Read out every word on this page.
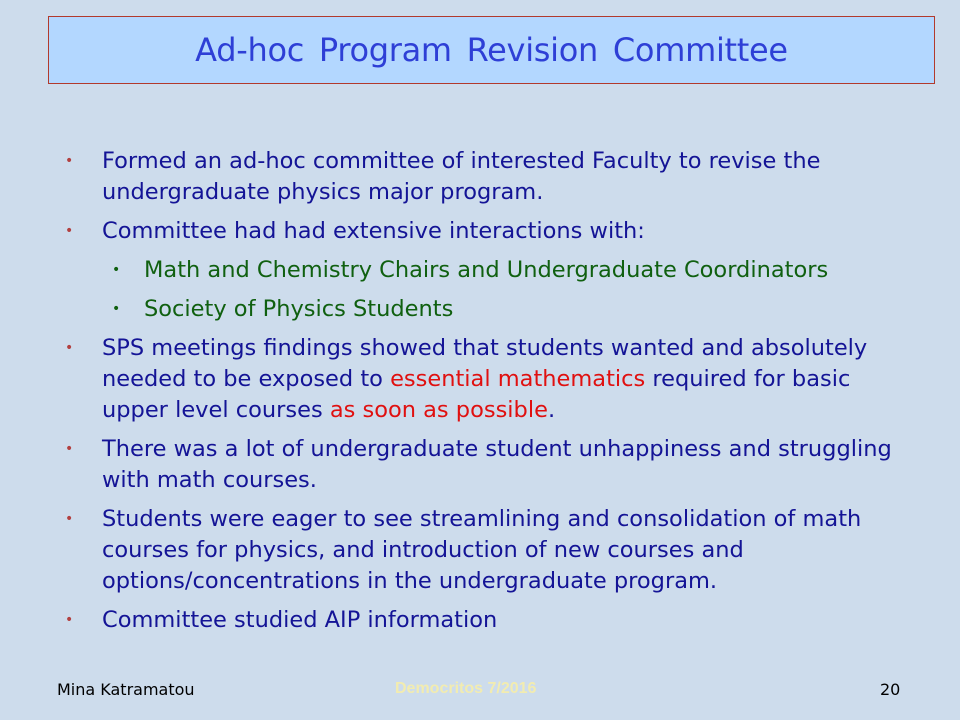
Ad-hoc Program Revision Committee
• Formed an ad-hoc committee of interested Faculty to revise the undergraduate physics major program.
• Committee had had extensive interactions with:
• Math and Chemistry Chairs and Undergraduate Coordinators
• Society of Physics Students
• SPS meetings findings showed that students wanted and absolutely needed to be exposed to essential mathematics required for basic upper level courses as soon as possible.
• There was a lot of undergraduate student unhappiness and struggling with math courses.
• Students were eager to see streamlining and consolidation of math courses for physics, and introduction of new courses and options/concentrations in the undergraduate program.
• Committee studied AIP information
Mina Katramatou	Democritos 7/2016	20
